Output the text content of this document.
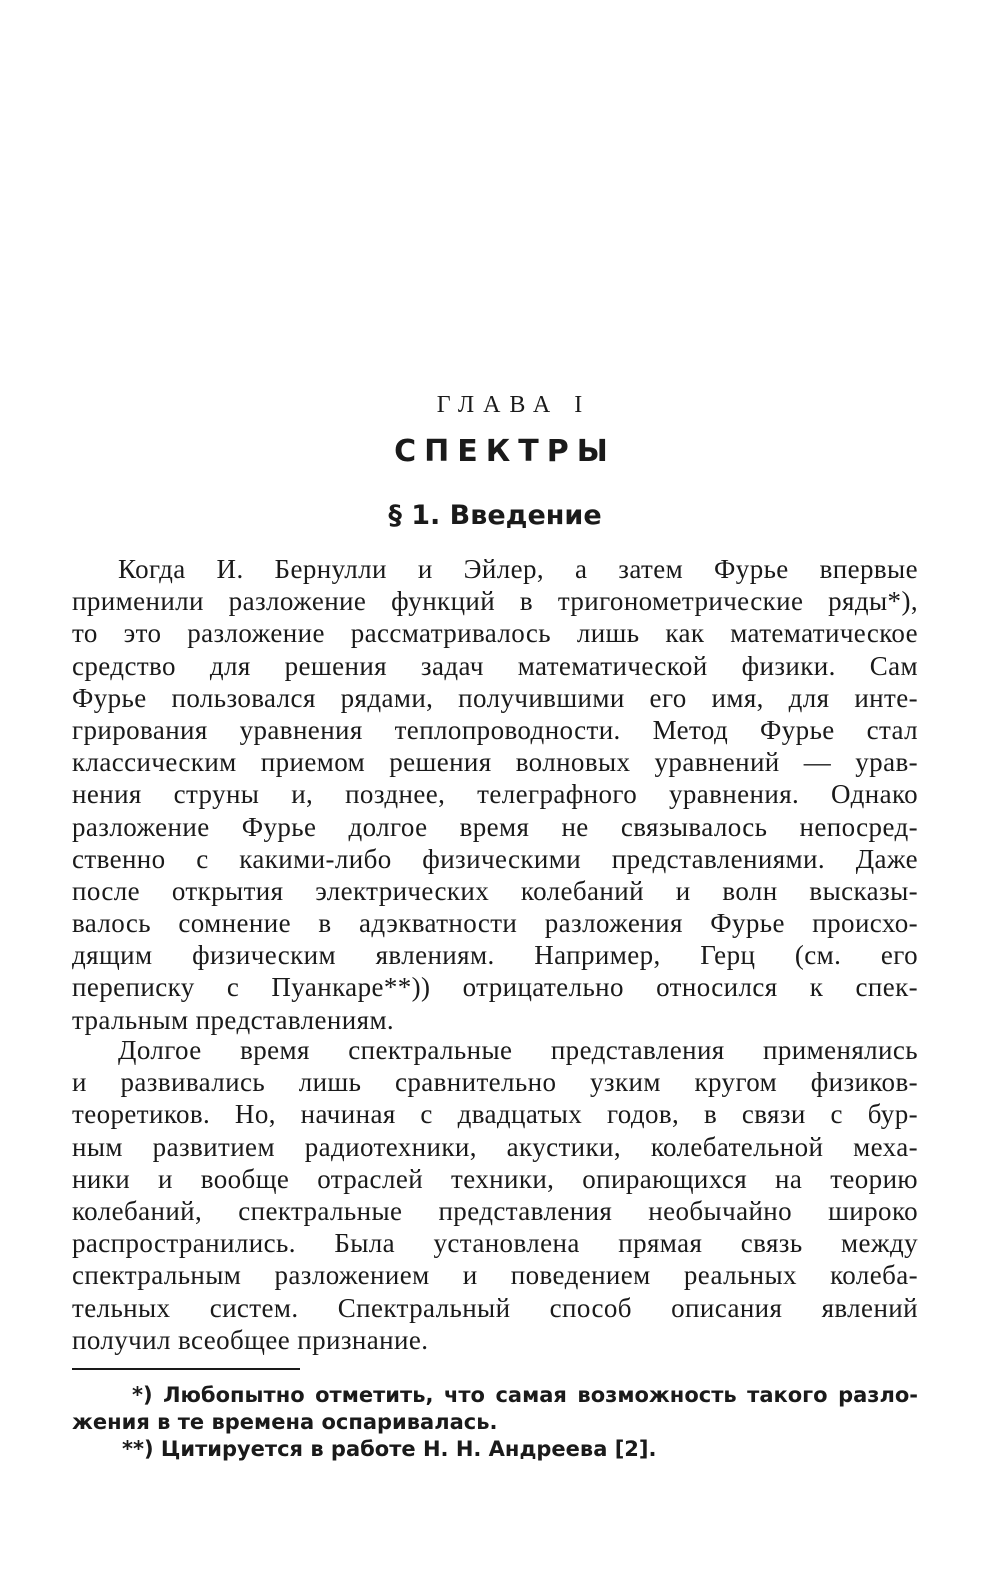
ГЛАВА I
СПЕКТРЫ
§ 1. Введение
Когда И. Бернулли и Эйлер, а затем Фурье впервые
применили разложение функций в тригонометрические ряды*),
то это разложение рассматривалось лишь как математическое
средство для решения задач математической физики. Сам
Фурье пользовался рядами, получившими его имя, для инте-
грирования уравнения теплопроводности. Метод Фурье стал
классическим приемом решения волновых уравнений — урав-
нения струны и, позднее, телеграфного уравнения. Однако
разложение Фурье долгое время не связывалось непосред-
ственно с какими-либо физическими представлениями. Даже
после открытия электрических колебаний и волн высказы-
валось сомнение в адэкватности разложения Фурье происхо-
дящим физическим явлениям. Например, Герц (см. его
переписку с Пуанкаре**)) отрицательно относился к спек-
тральным представлениям.
Долгое время спектральные представления применялись
и развивались лишь сравнительно узким кругом физиков-
теоретиков. Но, начиная с двадцатых годов, в связи с бур-
ным развитием радиотехники, акустики, колебательной меха-
ники и вообще отраслей техники, опирающихся на теорию
колебаний, спектральные представления необычайно широко
распространились. Была установлена прямая связь между
спектральным разложением и поведением реальных колеба-
тельных систем. Спектральный способ описания явлений
получил всеобщее признание.
*) Любопытно отметить, что самая возможность такого разло-
жения в те времена оспаривалась.
**) Цитируется в работе Н. Н. Андреева [2].
